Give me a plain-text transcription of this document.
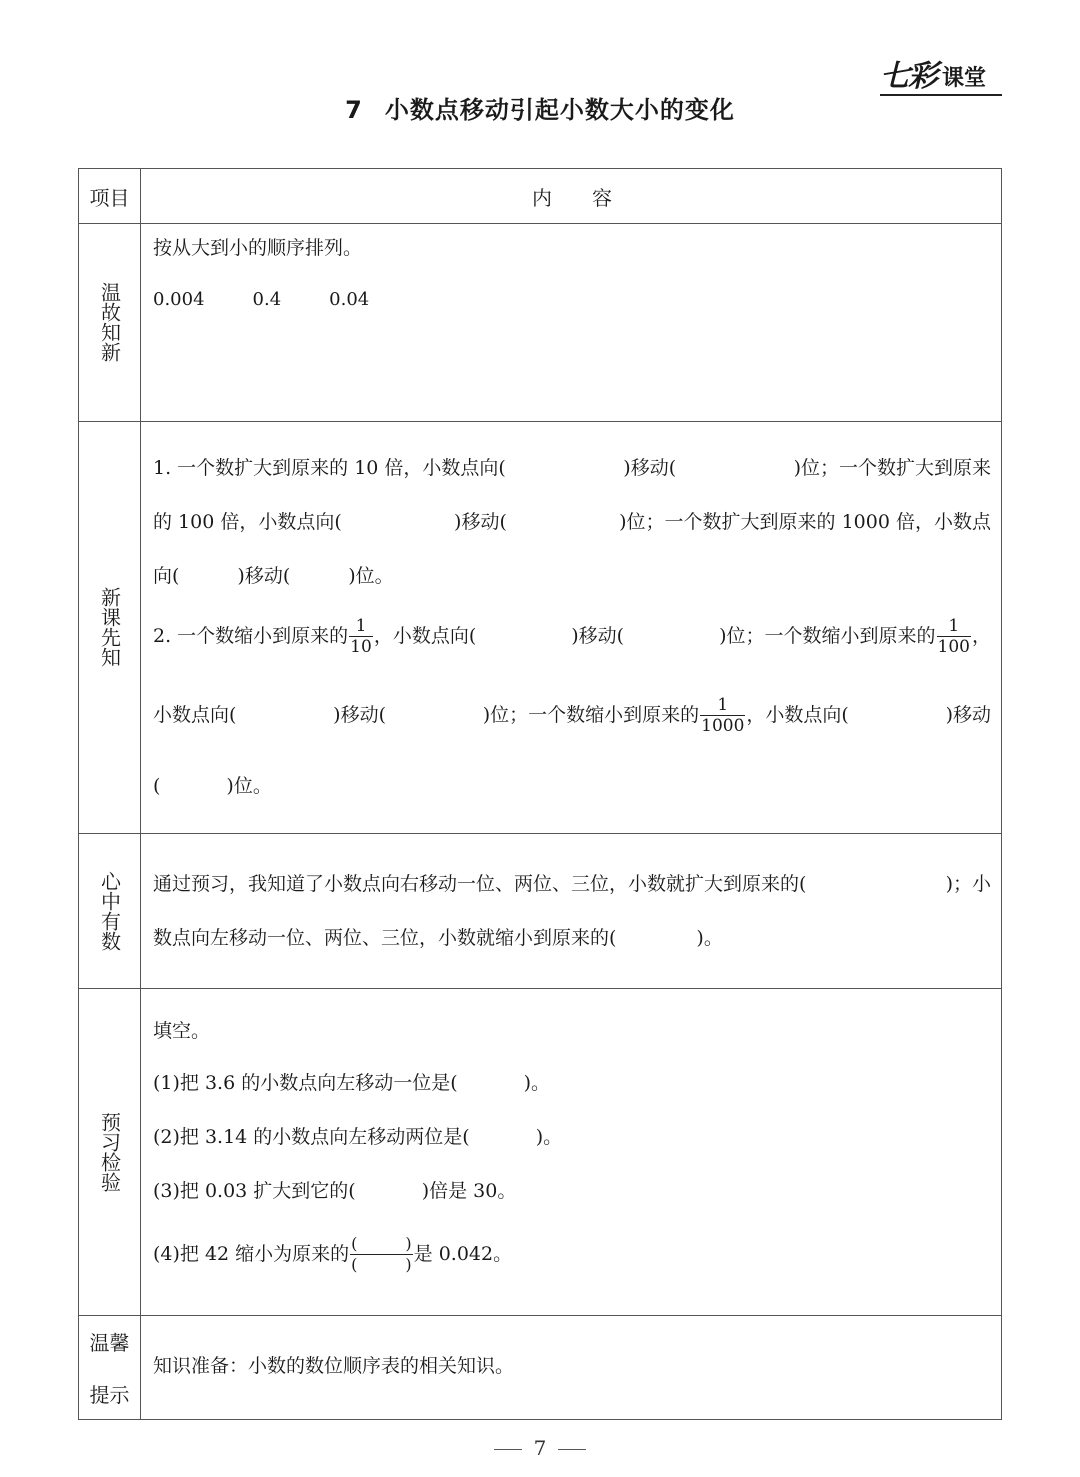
七彩 课堂
7 小数点移动引起小数大小的变化
项目	内　　容
温故知新
按从大到小的顺序排列。
0.004	0.4	0.04
新课先知
1. 一个数扩大到原来的 10 倍，小数点向(	)移动(	)位；一个数扩大到原来
的 100 倍，小数点向(	)移动(	)位；一个数扩大到原来的 1000 倍，小数点
向(	)移动(	)位。
2. 一个数缩小到原来的 $\frac{1}{10}$ ，小数点向(	)移动(	)位；一个数缩小到原来的 $\frac{1}{100}$ ，
小数点向(	)移动(	)位；一个数缩小到原来的 $\frac{1}{1000}$ ，小数点向(	)移动
(	)位。
心中有数 通过预习，我知道了小数点向右移动一位、两位、三位，小数就扩大到原来的(	)；小
数点向左移动一位、两位、三位，小数就缩小到原来的(	)。
预习检验
填空。
(1)把 3.6 的小数点向左移动一位是(	)。
(2)把 3.14 的小数点向左移动两位是(	)。
(3)把 0.03 扩大到它的(	)倍是 30。
(4)把 42 缩小为原来的 $\frac{( )}{( )}$ 是 0.042。
温馨
提示
知识准备：小数的数位顺序表的相关知识。
7
